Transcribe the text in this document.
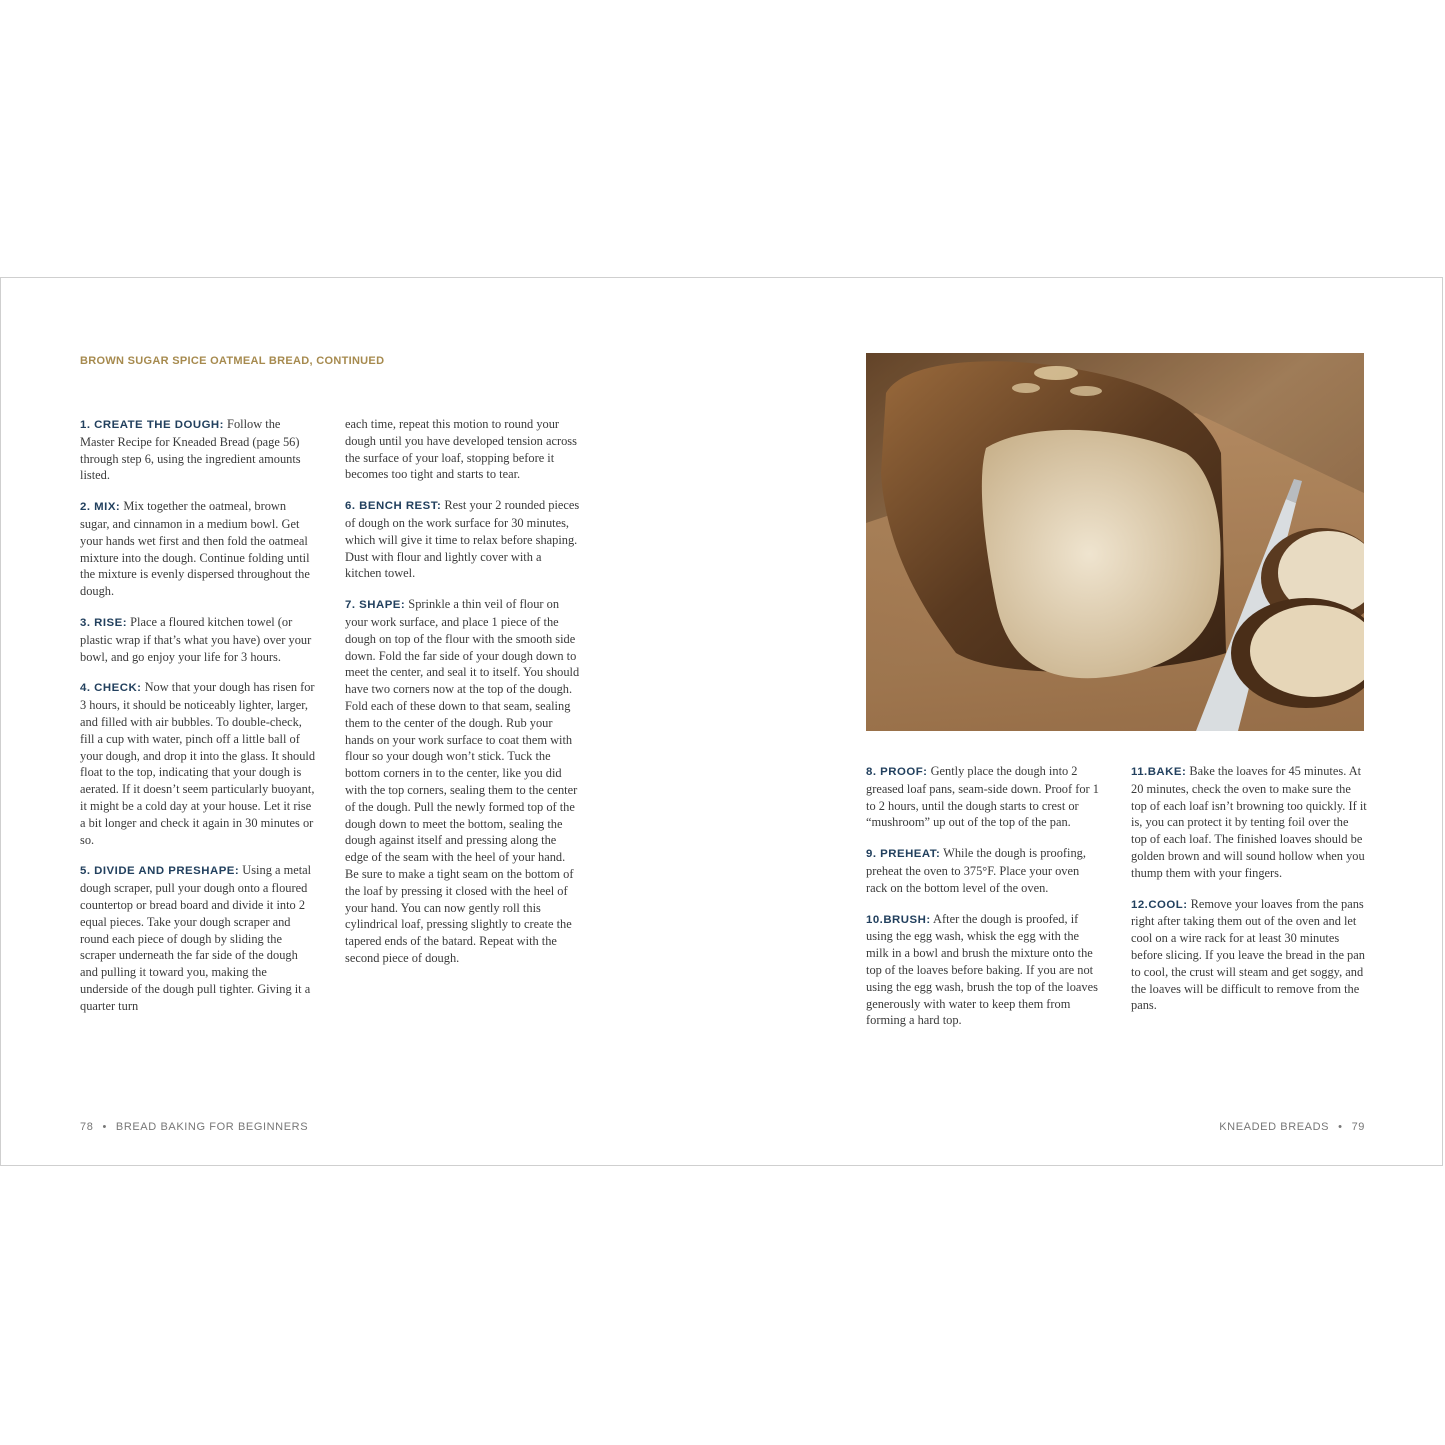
BROWN SUGAR SPICE OATMEAL BREAD, CONTINUED

1. CREATE THE DOUGH: Follow the Master Recipe for Kneaded Bread (page 56) through step 6, using the ingredient amounts listed.

2. MIX: Mix together the oatmeal, brown sugar, and cinnamon in a medium bowl. Get your hands wet first and then fold the oatmeal mixture into the dough. Continue folding until the mixture is evenly dispersed throughout the dough.

3. RISE: Place a floured kitchen towel (or plastic wrap if that’s what you have) over your bowl, and go enjoy your life for 3 hours.

4. CHECK: Now that your dough has risen for 3 hours, it should be noticeably lighter, larger, and filled with air bubbles. To double-check, fill a cup with water, pinch off a little ball of your dough, and drop it into the glass. It should float to the top, indicating that your dough is aerated. If it doesn’t seem particularly buoyant, it might be a cold day at your house. Let it rise a bit longer and check it again in 30 minutes or so.

5. DIVIDE AND PRESHAPE: Using a metal dough scraper, pull your dough onto a floured countertop or bread board and divide it into 2 equal pieces. Take your dough scraper and round each piece of dough by sliding the scraper underneath the far side of the dough and pulling it toward you, making the underside of the dough pull tighter. Giving it a quarter turn

each time, repeat this motion to round your dough until you have developed tension across the surface of your loaf, stopping before it becomes too tight and starts to tear.

6. BENCH REST: Rest your 2 rounded pieces of dough on the work surface for 30 minutes, which will give it time to relax before shaping. Dust with flour and lightly cover with a kitchen towel.

7. SHAPE: Sprinkle a thin veil of flour on your work surface, and place 1 piece of the dough on top of the flour with the smooth side down. Fold the far side of your dough down to meet the center, and seal it to itself. You should have two corners now at the top of the dough. Fold each of these down to that seam, sealing them to the center of the dough. Rub your hands on your work surface to coat them with flour so your dough won’t stick. Tuck the bottom corners in to the center, like you did with the top corners, sealing them to the center of the dough. Pull the newly formed top of the dough down to meet the bottom, sealing the dough against itself and pressing along the edge of the seam with the heel of your hand. Be sure to make a tight seam on the bottom of the loaf by pressing it closed with the heel of your hand. You can now gently roll this cylindrical loaf, pressing slightly to create the tapered ends of the batard. Repeat with the second piece of dough.

8. PROOF: Gently place the dough into 2 greased loaf pans, seam-side down. Proof for 1 to 2 hours, until the dough starts to crest or “mushroom” up out of the top of the pan.

9. PREHEAT: While the dough is proofing, preheat the oven to 375°F. Place your oven rack on the bottom level of the oven.

10.BRUSH: After the dough is proofed, if using the egg wash, whisk the egg with the milk in a bowl and brush the mixture onto the top of the loaves before baking. If you are not using the egg wash, brush the top of the loaves generously with water to keep them from forming a hard top.

11.BAKE: Bake the loaves for 45 minutes. At 20 minutes, check the oven to make sure the top of each loaf isn’t browning too quickly. If it is, you can protect it by tenting foil over the top of each loaf. The finished loaves should be golden brown and will sound hollow when you thump them with your fingers.

12.COOL: Remove your loaves from the pans right after taking them out of the oven and let cool on a wire rack for at least 30 minutes before slicing. If you leave the bread in the pan to cool, the crust will steam and get soggy, and the loaves will be difficult to remove from the pans.

78 • BREAD BAKING FOR BEGINNERS	KNEADED BREADS • 79
